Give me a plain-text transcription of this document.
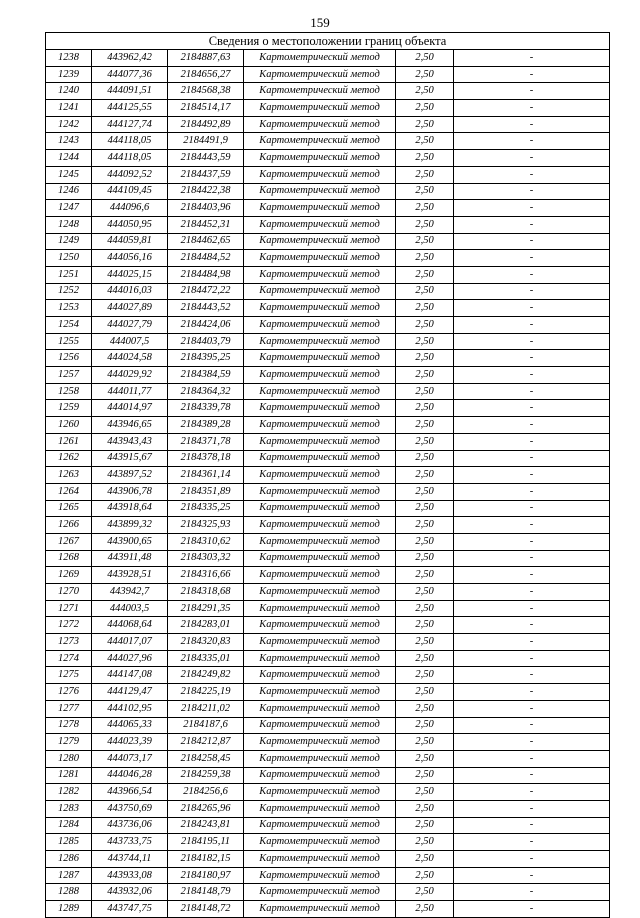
159
Сведения о местоположении границ объекта					
1238	443962,42	2184887,63	Картометрический метод	2,50	-
1239	444077,36	2184656,27	Картометрический метод	2,50	-
1240	444091,51	2184568,38	Картометрический метод	2,50	-
1241	444125,55	2184514,17	Картометрический метод	2,50	-
1242	444127,74	2184492,89	Картометрический метод	2,50	-
1243	444118,05	2184491,9	Картометрический метод	2,50	-
1244	444118,05	2184443,59	Картометрический метод	2,50	-
1245	444092,52	2184437,59	Картометрический метод	2,50	-
1246	444109,45	2184422,38	Картометрический метод	2,50	-
1247	444096,6	2184403,96	Картометрический метод	2,50	-
1248	444050,95	2184452,31	Картометрический метод	2,50	-
1249	444059,81	2184462,65	Картометрический метод	2,50	-
1250	444056,16	2184484,52	Картометрический метод	2,50	-
1251	444025,15	2184484,98	Картометрический метод	2,50	-
1252	444016,03	2184472,22	Картометрический метод	2,50	-
1253	444027,89	2184443,52	Картометрический метод	2,50	-
1254	444027,79	2184424,06	Картометрический метод	2,50	-
1255	444007,5	2184403,79	Картометрический метод	2,50	-
1256	444024,58	2184395,25	Картометрический метод	2,50	-
1257	444029,92	2184384,59	Картометрический метод	2,50	-
1258	444011,77	2184364,32	Картометрический метод	2,50	-
1259	444014,97	2184339,78	Картометрический метод	2,50	-
1260	443946,65	2184389,28	Картометрический метод	2,50	-
1261	443943,43	2184371,78	Картометрический метод	2,50	-
1262	443915,67	2184378,18	Картометрический метод	2,50	-
1263	443897,52	2184361,14	Картометрический метод	2,50	-
1264	443906,78	2184351,89	Картометрический метод	2,50	-
1265	443918,64	2184335,25	Картометрический метод	2,50	-
1266	443899,32	2184325,93	Картометрический метод	2,50	-
1267	443900,65	2184310,62	Картометрический метод	2,50	-
1268	443911,48	2184303,32	Картометрический метод	2,50	-
1269	443928,51	2184316,66	Картометрический метод	2,50	-
1270	443942,7	2184318,68	Картометрический метод	2,50	-
1271	444003,5	2184291,35	Картометрический метод	2,50	-
1272	444068,64	2184283,01	Картометрический метод	2,50	-
1273	444017,07	2184320,83	Картометрический метод	2,50	-
1274	444027,96	2184335,01	Картометрический метод	2,50	-
1275	444147,08	2184249,82	Картометрический метод	2,50	-
1276	444129,47	2184225,19	Картометрический метод	2,50	-
1277	444102,95	2184211,02	Картометрический метод	2,50	-
1278	444065,33	2184187,6	Картометрический метод	2,50	-
1279	444023,39	2184212,87	Картометрический метод	2,50	-
1280	444073,17	2184258,45	Картометрический метод	2,50	-
1281	444046,28	2184259,38	Картометрический метод	2,50	-
1282	443966,54	2184256,6	Картометрический метод	2,50	-
1283	443750,69	2184265,96	Картометрический метод	2,50	-
1284	443736,06	2184243,81	Картометрический метод	2,50	-
1285	443733,75	2184195,11	Картометрический метод	2,50	-
1286	443744,11	2184182,15	Картометрический метод	2,50	-
1287	443933,08	2184180,97	Картометрический метод	2,50	-
1288	443932,06	2184148,79	Картометрический метод	2,50	-
1289	443747,75	2184148,72	Картометрический метод	2,50	-
